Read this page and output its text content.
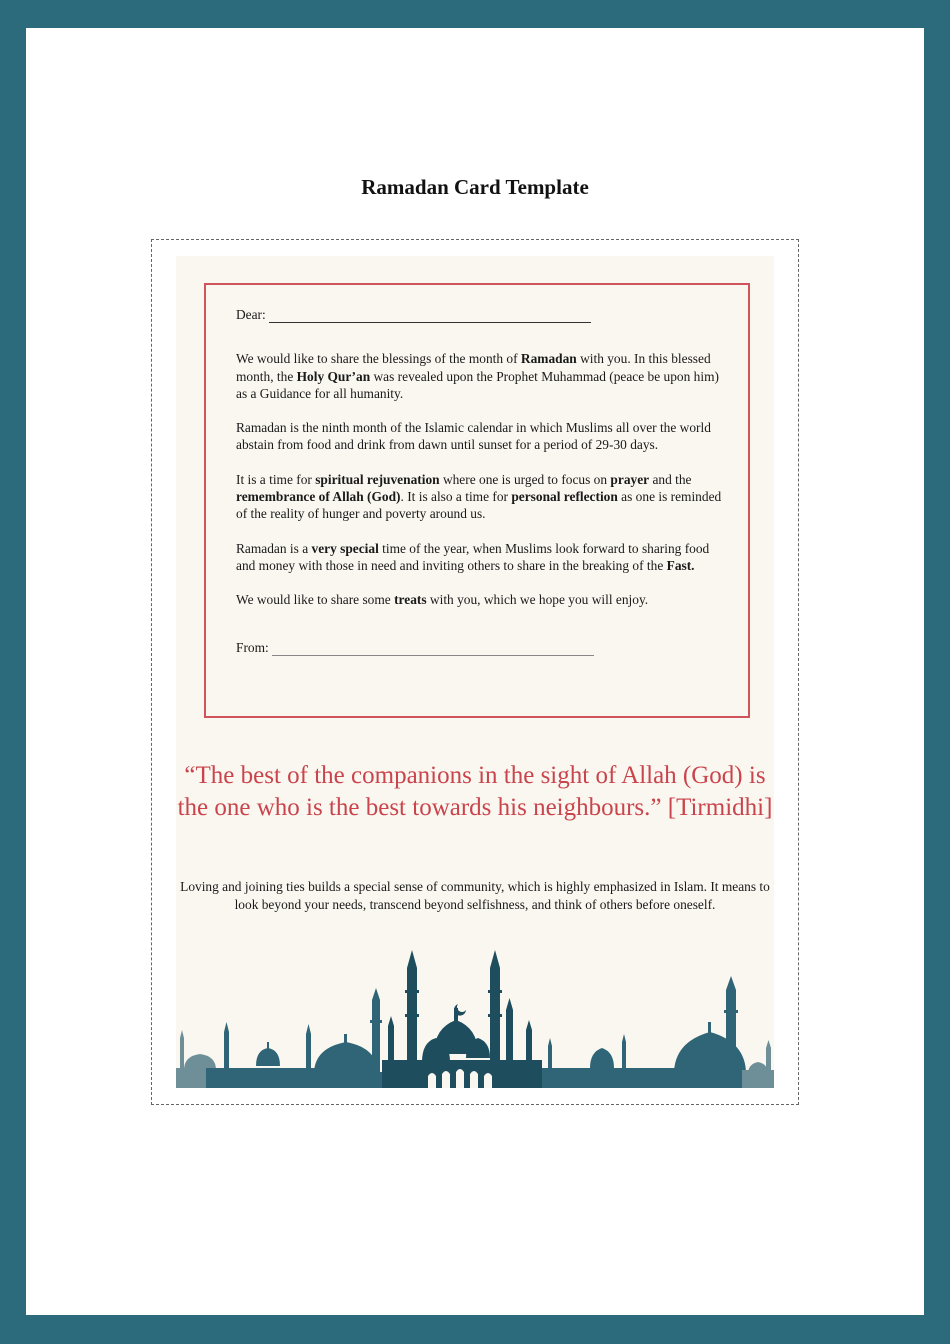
Ramadan Card Template
Dear:

We would like to share the blessings of the month of Ramadan with you. In this blessed month, the Holy Qur’an was revealed upon the Prophet Muhammad (peace be upon him) as a Guidance for all humanity.

Ramadan is the ninth month of the Islamic calendar in which Muslims all over the world abstain from food and drink from dawn until sunset for a period of 29-30 days.

It is a time for spiritual rejuvenation where one is urged to focus on prayer and the remembrance of Allah (God). It is also a time for personal reflection as one is reminded of the reality of hunger and poverty around us.

Ramadan is a very special time of the year, when Muslims look forward to sharing food and money with those in need and inviting others to share in the breaking of the Fast.

We would like to share some treats with you, which we hope you will enjoy.

From:
“The best of the companions in the sight of Allah (God) is the one who is the best towards his neighbours.” [Tirmidhi]
Loving and joining ties builds a special sense of community, which is highly emphasized in Islam. It means to look beyond your needs, transcend beyond selfishness, and think of others before oneself.
